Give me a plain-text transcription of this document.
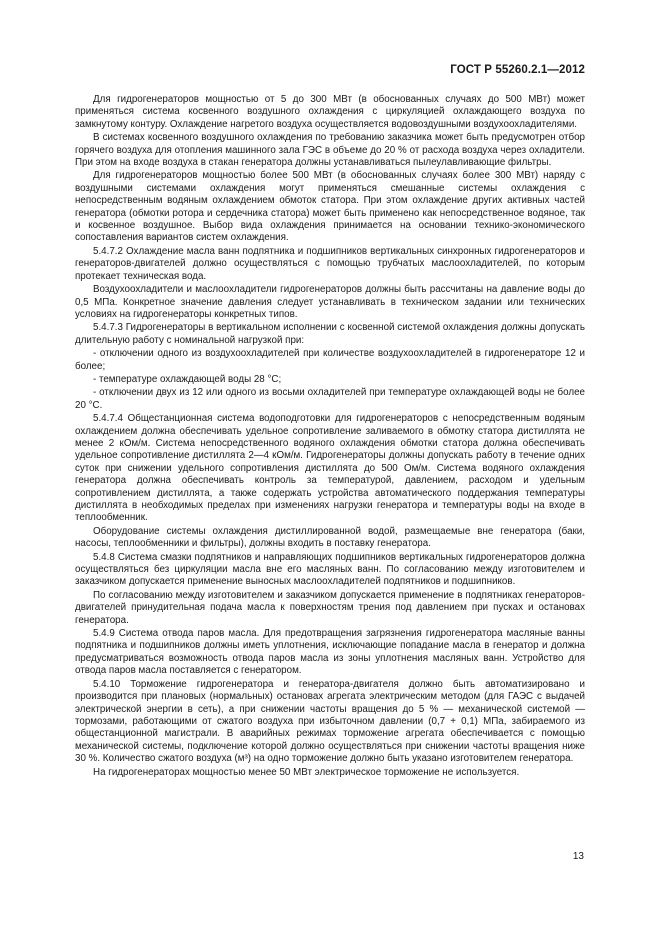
ГОСТ Р 55260.2.1—2012

Для гидрогенераторов мощностью от 5 до 300 МВт (в обоснованных случаях до 500 МВт) может применяться система косвенного воздушного охлаждения с циркуляцией охлаждающего воздуха по замкнутому контуру. Охлаждение нагретого воздуха осуществляется водовоздушными воздухоохладителями.

В системах косвенного воздушного охлаждения по требованию заказчика может быть предусмотрен отбор горячего воздуха для отопления машинного зала ГЭС в объеме до 20 % от расхода воздуха через охладители. При этом на входе воздуха в стакан генератора должны устанавливаться пылеулавливающие фильтры.

Для гидрогенераторов мощностью более 500 МВт (в обоснованных случаях более 300 МВт) наряду с воздушными системами охлаждения могут применяться смешанные системы охлаждения с непосредственным водяным охлаждением обмоток статора. При этом охлаждение других активных частей генератора (обмотки ротора и сердечника статора) может быть применено как непосредственное водяное, так и косвенное воздушное. Выбор вида охлаждения принимается на основании технико-экономического сопоставления вариантов систем охлаждения.

5.4.7.2 Охлаждение масла ванн подпятника и подшипников вертикальных синхронных гидрогенераторов и генераторов-двигателей должно осуществляться с помощью трубчатых маслоохладителей, по которым протекает техническая вода.

Воздухоохладители и маслоохладители гидрогенераторов должны быть рассчитаны на давление воды до 0,5 МПа. Конкретное значение давления следует устанавливать в техническом задании или технических условиях на гидрогенераторы конкретных типов.

5.4.7.3 Гидрогенераторы в вертикальном исполнении с косвенной системой охлаждения должны допускать длительную работу с номинальной нагрузкой при:

- отключении одного из воздухоохладителей при количестве воздухоохладителей в гидрогенераторе 12 и более;

- температуре охлаждающей воды 28 °С;

- отключении двух из 12 или одного из восьми охладителей при температуре охлаждающей воды не более 20 °С.

5.4.7.4 Общестанционная система водоподготовки для гидрогенераторов с непосредственным водяным охлаждением должна обеспечивать удельное сопротивление заливаемого в обмотку статора дистиллята не менее 2 кОм/м. Система непосредственного водяного охлаждения обмотки статора должна обеспечивать удельное сопротивление дистиллята 2—4 кОм/м. Гидрогенераторы должны допускать работу в течение одних суток при снижении удельного сопротивления дистиллята до 500 Ом/м. Система водяного охлаждения генератора должна обеспечивать контроль за температурой, давлением, расходом и удельным сопротивлением дистиллята, а также содержать устройства автоматического поддержания температуры дистиллята в необходимых пределах при изменениях нагрузки генератора и температуры воды на входе в теплообменник.

Оборудование системы охлаждения дистиллированной водой, размещаемые вне генератора (баки, насосы, теплообменники и фильтры), должны входить в поставку генератора.

5.4.8 Система смазки подпятников и направляющих подшипников вертикальных гидрогенераторов должна осуществляться без циркуляции масла вне его масляных ванн. По согласованию между изготовителем и заказчиком допускается применение выносных маслоохладителей подпятников и подшипников.

По согласованию между изготовителем и заказчиком допускается применение в подпятниках генераторов-двигателей принудительная подача масла к поверхностям трения под давлением при пусках и остановах генератора.

5.4.9 Система отвода паров масла. Для предотвращения загрязнения гидрогенератора масляные ванны подпятника и подшипников должны иметь уплотнения, исключающие попадание масла в генератор и должна предусматриваться возможность отвода паров масла из зоны уплотнения масляных ванн. Устройство для отвода паров масла поставляется с генератором.

5.4.10 Торможение гидрогенератора и генератора-двигателя должно быть автоматизировано и производится при плановых (нормальных) остановах агрегата электрическим методом (для ГАЭС с выдачей электрической энергии в сеть), а при снижении частоты вращения до 5 % — механической системой — тормозами, работающими от сжатого воздуха при избыточном давлении (0,7 + 0,1) МПа, забираемого из общестанционной магистрали. В аварийных режимах торможение агрегата обеспечивается с помощью механической системы, подключение которой должно осуществляться при снижении частоты вращения ниже 30 %. Количество сжатого воздуха (м³) на одно торможение должно быть указано изготовителем генератора.

На гидрогенераторах мощностью менее 50 МВт электрическое торможение не используется.

13
